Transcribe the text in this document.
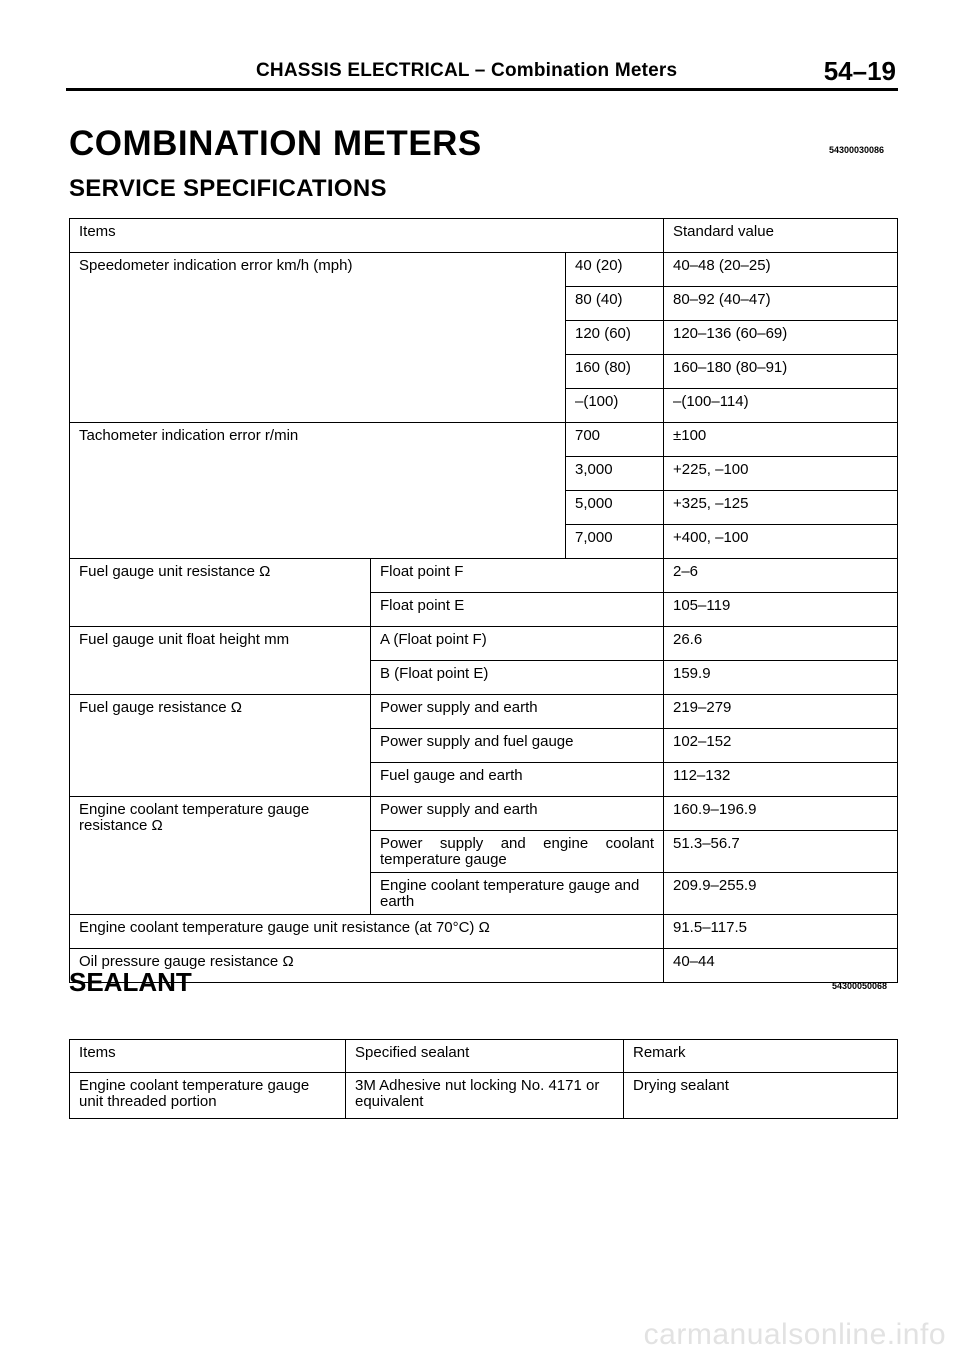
CHASSIS ELECTRICAL – Combination Meters	54–19
COMBINATION METERS	54300030086
SERVICE SPECIFICATIONS
Items			Standard value
Speedometer indication error km/h (mph)		40 (20)	40–48 (20–25)
		80 (40)	80–92 (40–47)
		120 (60)	120–136 (60–69)
		160 (80)	160–180 (80–91)
		–(100)	–(100–114)
Tachometer indication error r/min		700	±100
		3,000	+225, –100
		5,000	+325, –125
		7,000	+400, –100
Fuel gauge unit resistance Ω	Float point F		2–6
	Float point E		105–119
Fuel gauge unit float height mm	A (Float point F)		26.6
	B (Float point E)		159.9
Fuel gauge resistance Ω	Power supply and earth		219–279
	Power supply and fuel gauge		102–152
	Fuel gauge and earth		112–132
Engine coolant temperature gauge resistance Ω	Power supply and earth		160.9–196.9
	Power supply and engine coolant temperature gauge		51.3–56.7
	Engine coolant temperature gauge and earth		209.9–255.9
Engine coolant temperature gauge unit resistance (at 70°C) Ω			91.5–117.5
Oil pressure gauge resistance Ω			40–44
SEALANT	54300050068
Items	Specified sealant	Remark
Engine coolant temperature gauge unit threaded portion	3M Adhesive nut locking No. 4171 or equivalent	Drying sealant
carmanualsonline.info
